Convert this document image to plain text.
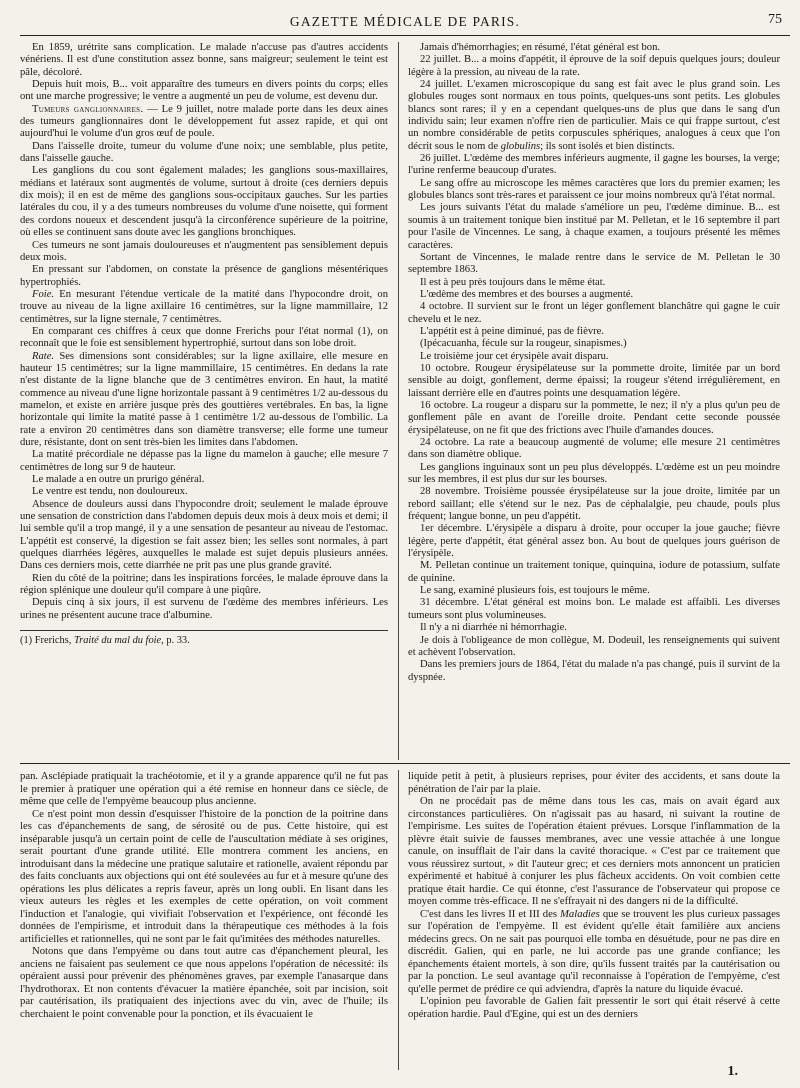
GAZETTE MÉDICALE DE PARIS.	75

En 1859, urétrite sans complication. Le malade n'accuse pas d'autres accidents vénériens. Il est d'une constitution assez bonne, sans maigreur; seulement le teint est pâle, décoloré.

Depuis huit mois, B... voit apparaître des tumeurs en divers points du corps; elles ont une marche progressive; le ventre a augmenté un peu de volume, est devenu dur.

Tumeurs ganglionnaires. — Le 9 juillet, notre malade porte dans les deux aines des tumeurs ganglionnaires dont le développement fut assez rapide, et qui ont aujourd'hui le volume d'un gros œuf de poule.

Dans l'aisselle droite, tumeur du volume d'une noix; une semblable, plus petite, dans l'aisselle gauche.

Les ganglions du cou sont également malades; les ganglions sous-maxillaires, médians et latéraux sont augmentés de volume, surtout à droite (ces derniers depuis dix mois); il en est de même des ganglions sous-occipitaux gauches. Sur les parties latérales du cou, il y a des tumeurs nombreuses du volume d'une noisette, qui forment des cordons noueux et descendent jusqu'à la circonférence supérieure de la poitrine, où elles se continuent sans doute avec les ganglions bronchiques.

Ces tumeurs ne sont jamais douloureuses et n'augmentent pas sensiblement depuis deux mois.

En pressant sur l'abdomen, on constate la présence de ganglions mésentériques hypertrophiés.

Foie. En mesurant l'étendue verticale de la matité dans l'hypocondre droit, on trouve au niveau de la ligne axillaire 16 centimètres, sur la ligne mammillaire, 12 centimètres, sur la ligne sternale, 7 centimètres.

En comparant ces chiffres à ceux que donne Frerichs pour l'état normal (1), on reconnaît que le foie est sensiblement hypertrophié, surtout dans son lobe droit.

Rate. Ses dimensions sont considérables; sur la ligne axillaire, elle mesure en hauteur 15 centimètres; sur la ligne mammillaire, 15 centimètres. En dedans la rate n'est distante de la ligne blanche que de 3 centimètres environ. En haut, la matité commence au niveau d'une ligne horizontale passant à 9 centimètres 1/2 au-dessous du mamelon, et existe en arrière jusque près des gouttières vertébrales. En bas, la ligne horizontale qui limite la matité passe à 1 centimètre 1/2 au-dessous de l'ombilic. La rate a environ 20 centimètres dans son diamètre transverse; elle forme une tumeur dure, résistante, dont on sent très-bien les limites dans l'abdomen.

La matité précordiale ne dépasse pas la ligne du mamelon à gauche; elle mesure 7 centimètres de long sur 9 de hauteur.

Le malade a en outre un prurigo général.

Le ventre est tendu, non douloureux.

Absence de douleurs aussi dans l'hypocondre droit; seulement le malade éprouve une sensation de constriction dans l'abdomen depuis deux mois à deux mois et demi; il lui semble qu'il a trop mangé, il y a une sensation de pesanteur au niveau de l'estomac. L'appétit est conservé, la digestion se fait assez bien; les selles sont normales, à part quelques diarrhées légères, auxquelles le malade est sujet depuis plusieurs années. Dans ces derniers mois, cette diarrhée ne prit pas une plus grande gravité.

Rien du côté de la poitrine; dans les inspirations forcées, le malade éprouve dans la région splénique une douleur qu'il compare à une piqûre.

Depuis cinq à six jours, il est survenu de l'œdème des membres inférieurs. Les urines ne présentent aucune trace d'albumine.

(1) Frerichs, Traité du mal du foie, p. 33.

Jamais d'hémorrhagies; en résumé, l'état général est bon.

22 juillet. B... a moins d'appétit, il éprouve de la soif depuis quelques jours; douleur légère à la pression, au niveau de la rate.

24 juillet. L'examen microscopique du sang est fait avec le plus grand soin. Les globules rouges sont normaux en tous points, quelques-uns sont petits. Les globules blancs sont rares; il y en a cependant quelques-uns de plus que dans le sang d'un individu sain; leur examen n'offre rien de particulier. Mais ce qui frappe surtout, c'est un nombre considérable de petits corpuscules sphériques, analogues à ceux que l'on décrit sous le nom de globulins; ils sont isolés et bien distincts.

26 juillet. L'œdème des membres inférieurs augmente, il gagne les bourses, la verge; l'urine renferme beaucoup d'urates.

Le sang offre au microscope les mêmes caractères que lors du premier examen; les globules blancs sont très-rares et paraissent ce jour moins nombreux qu'à l'état normal.

Les jours suivants l'état du malade s'améliore un peu, l'œdème diminue. B... est soumis à un traitement tonique bien institué par M. Pelletan, et le 16 septembre il part pour l'asile de Vincennes. Le sang, à chaque examen, a toujours présenté les mêmes caractères.

Sortant de Vincennes, le malade rentre dans le service de M. Pelletan le 30 septembre 1863.

Il est à peu près toujours dans le même état.

L'œdème des membres et des bourses a augmenté.

4 octobre. Il survient sur le front un léger gonflement blanchâtre qui gagne le cuir chevelu et le nez.

L'appétit est à peine diminué, pas de fièvre.

(Ipécacuanha, fécule sur la rougeur, sinapismes.)

Le troisième jour cet érysipèle avait disparu.

10 octobre. Rougeur érysipélateuse sur la pommette droite, limitée par un bord sensible au doigt, gonflement, derme épaissi; la rougeur s'étend irrégulièrement, en laissant derrière elle en d'autres points une desquamation légère.

16 octobre. La rougeur a disparu sur la pommette, le nez; il n'y a plus qu'un peu de gonflement pâle en avant de l'oreille droite. Pendant cette seconde poussée érysipélateuse, on ne fit que des frictions avec l'huile d'amandes douces.

24 octobre. La rate a beaucoup augmenté de volume; elle mesure 21 centimètres dans son diamètre oblique.

Les ganglions inguinaux sont un peu plus développés. L'œdème est un peu moindre sur les membres, il est plus dur sur les bourses.

28 novembre. Troisième poussée érysipélateuse sur la joue droite, limitée par un rebord saillant; elle s'étend sur le nez. Pas de céphalalgie, peu chaude, pouls plus fréquent; langue bonne, un peu d'appétit.

1er décembre. L'érysipèle a disparu à droite, pour occuper la joue gauche; fièvre légère, perte d'appétit, état général assez bon. Au bout de quelques jours guérison de l'érysipèle.

M. Pelletan continue un traitement tonique, quinquina, iodure de potassium, sulfate de quinine.

Le sang, examiné plusieurs fois, est toujours le même.

31 décembre. L'état général est moins bon. Le malade est affaibli. Les diverses tumeurs sont plus volumineuses.

Il n'y a ni diarrhée ni hémorrhagie.

Je dois à l'obligeance de mon collègue, M. Dodeuil, les renseignements qui suivent et achèvent l'observation.

Dans les premiers jours de 1864, l'état du malade n'a pas changé, puis il survint de la dyspnée.

pan. Asclépiade pratiquait la trachéotomie, et il y a grande apparence qu'il ne fut pas le premier à pratiquer une opération qui a été remise en honneur dans ce siècle, de même que celle de l'empyème beaucoup plus ancienne.

Ce n'est point mon dessin d'esquisser l'histoire de la ponction de la poitrine dans les cas d'épanchements de sang, de sérosité ou de pus. Cette histoire, qui est inséparable jusqu'à un certain point de celle de l'auscultation médiate à ses origines, serait pourtant d'une grande utilité. Elle montrera comment les anciens, en introduisant dans la médecine une pratique salutaire et rationelle, avaient répondu par des faits concluants aux objections qui ont été soulevées au fur et à mesure qu'une des opérations les plus délicates a repris faveur, après un long oubli. En lisant dans les vieux auteurs les règles et les exemples de cette opération, on voit comment l'induction et l'analogie, qui vivifiait l'observation et l'expérience, ont fécondé les données de l'empirisme, et introduit dans la thérapeutique ces méthodes à la fois artificielles et rationnelles, qui ne sont par le fait qu'imitées des méthodes naturelles.

Notons que dans l'empyème ou dans tout autre cas d'épanchement pleural, les anciens ne faisaient pas seulement ce que nous appelons l'opération de nécessité: ils opéraient aussi pour prévenir des phénomènes graves, par exemple l'anasarque dans l'hydrothorax. Et non contents d'évacuer la matière épanchée, soit par incision, soit par cautérisation, ils pratiquaient des injections avec du vin, avec de l'huile; ils cherchaient le point convenable pour la ponction, et ils évacuaient le

liquide petit à petit, à plusieurs reprises, pour éviter des accidents, et sans doute la pénétration de l'air par la plaie.

On ne procédait pas de même dans tous les cas, mais on avait égard aux circonstances particulières. On n'agissait pas au hasard, ni suivant la routine de l'empirisme. Les suites de l'opération étaient prévues. Lorsque l'inflammation de la plèvre était suivie de fausses membranes, avec une vessie attachée à une longue canule, on insufflait de l'air dans la cavité thoracique. « C'est par ce traitement que vous réussirez surtout, » dit l'auteur grec; et ces derniers mots annoncent un praticien expérimenté et habitué à conjurer les plus fâcheux accidents. On voit combien cette pratique était hardie. Ce qui étonne, c'est l'assurance de l'observateur qui propose ce moyen comme très-efficace. Il ne s'effrayait ni des dangers ni de la difficulté.

C'est dans les livres II et III des Maladies que se trouvent les plus curieux passages sur l'opération de l'empyème. Il est évident qu'elle était familière aux anciens médecins grecs. On ne sait pas pourquoi elle tomba en désuétude, pour ne pas dire en discrédit. Galien, qui en parle, ne lui accorde pas une grande confiance; les épanchements étaient mortels, à son dire, qu'ils fussent traités par la cautérisation ou par la ponction. Le seul avantage qu'il reconnaisse à l'opération de l'empyème, c'est qu'elle permet de prédire ce qui adviendra, d'après la nature du liquide évacué.

L'opinion peu favorable de Galien fait pressentir le sort qui était réservé à cette opération hardie. Paul d'Egine, qui est un des derniers

1.
